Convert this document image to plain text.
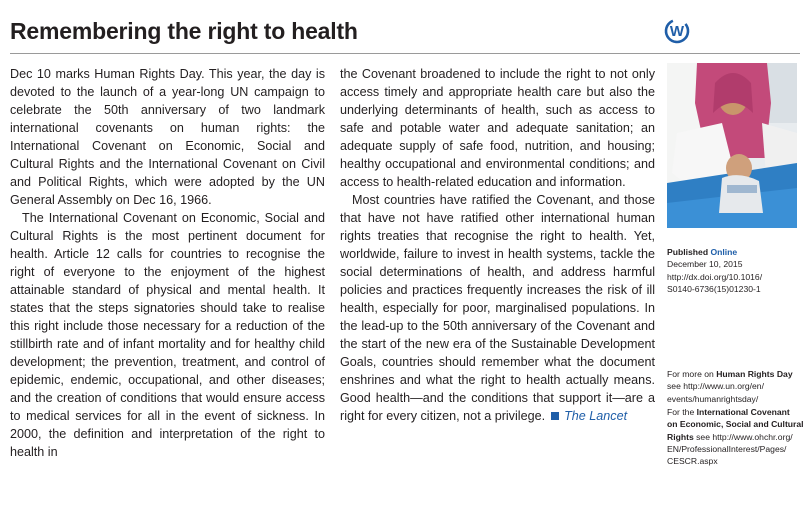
Remembering the right to health	W

Dec 10 marks Human Rights Day. This year, the day is devoted to the launch of a year-long UN campaign to celebrate the 50th anniversary of two landmark international covenants on human rights: the International Covenant on Economic, Social and Cultural Rights and the International Covenant on Civil and Political Rights, which were adopted by the UN General Assembly on Dec 16, 1966.

The International Covenant on Economic, Social and Cultural Rights is the most pertinent document for health. Article 12 calls for countries to recognise the right of everyone to the enjoyment of the highest attainable standard of physical and mental health. It states that the steps signatories should take to realise this right include those necessary for a reduction of the stillbirth rate and of infant mortality and for healthy child development; the prevention, treatment, and control of epidemic, endemic, occupational, and other diseases; and the creation of conditions that would ensure access to medical services for all in the event of sickness. In 2000, the definition and interpretation of the right to health in

the Covenant broadened to include the right to not only access timely and appropriate health care but also the underlying determinants of health, such as access to safe and potable water and adequate sanitation; an adequate supply of safe food, nutrition, and housing; healthy occupational and environmental conditions; and access to health-related education and information.

Most countries have ratified the Covenant, and those that have not have ratified other international human rights treaties that recognise the right to health. Yet, worldwide, failure to invest in health systems, tackle the social determinations of health, and address harmful policies and practices frequently increases the risk of ill health, especially for poor, marginalised populations. In the lead-up to the 50th anniversary of the Covenant and the start of the new era of the Sustainable Development Goals, countries should remember what the document enshrines and what the right to health actually means. Good health—and the conditions that support it—are a right for every citizen, not a privilege. The Lancet

Essam Omran Al-Fetori/Reuters/Corbis
Published Online
December 10, 2015
http://dx.doi.org/10.1016/
S0140-6736(15)01230-1
For more on Human Rights Day
see http://www.un.org/en/
events/humanrightsday/
For the International Covenant
on Economic, Social and Cultural
Rights see http://www.ohchr.org/
EN/ProfessionalInterest/Pages/
CESCR.aspx
